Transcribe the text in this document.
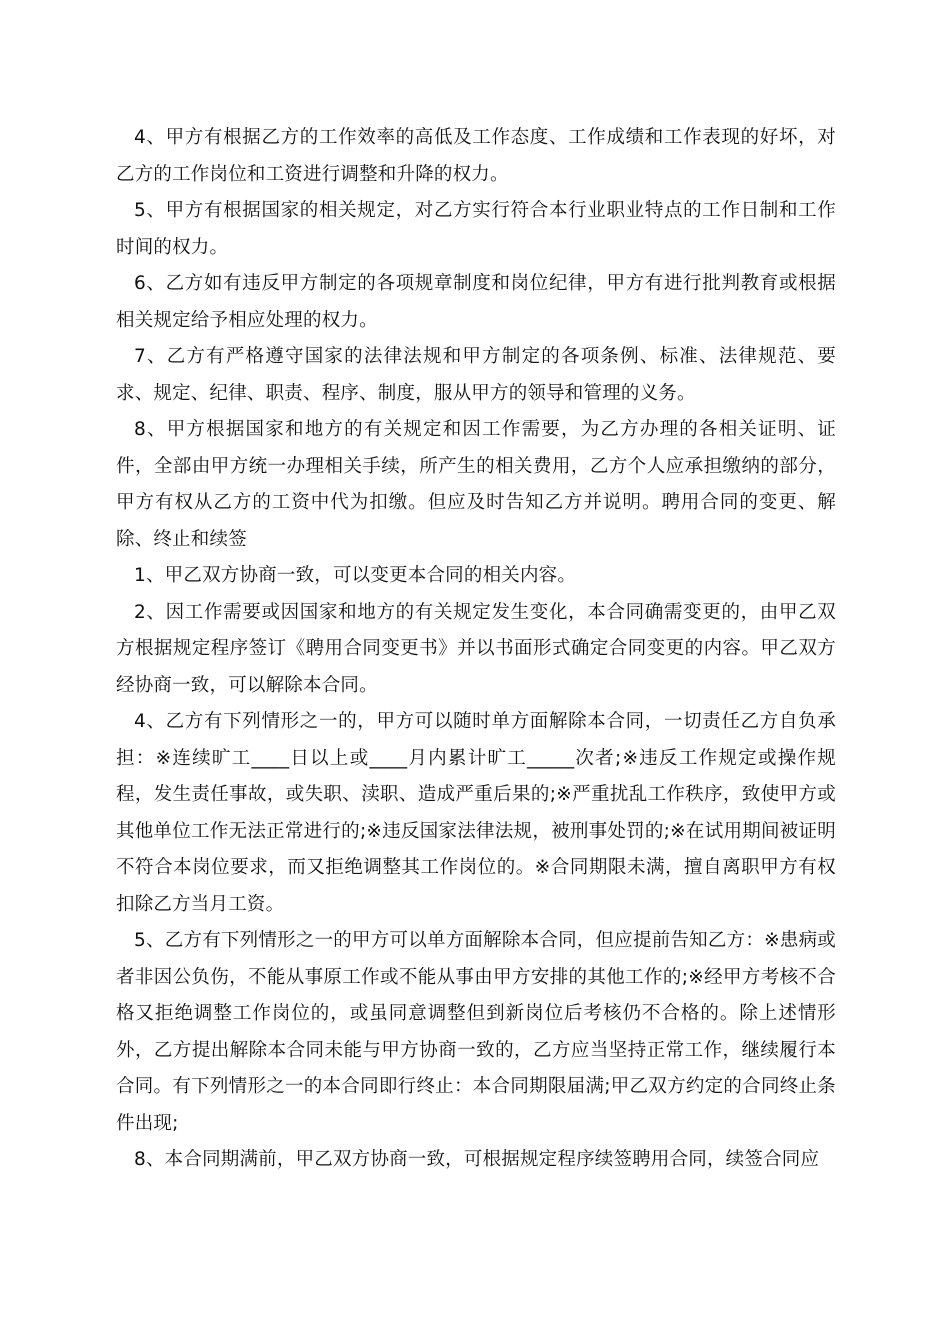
4、甲方有根据乙方的工作效率的高低及工作态度、工作成绩和工作表现的好坏，对乙方的工作岗位和工资进行调整和升降的权力。

5、甲方有根据国家的相关规定，对乙方实行符合本行业职业特点的工作日制和工作时间的权力。

6、乙方如有违反甲方制定的各项规章制度和岗位纪律，甲方有进行批判教育或根据相关规定给予相应处理的权力。

7、乙方有严格遵守国家的法律法规和甲方制定的各项条例、标准、法律规范、要求、规定、纪律、职责、程序、制度，服从甲方的领导和管理的义务。

8、甲方根据国家和地方的有关规定和因工作需要，为乙方办理的各相关证明、证件，全部由甲方统一办理相关手续，所产生的相关费用，乙方个人应承担缴纳的部分，甲方有权从乙方的工资中代为扣缴。但应及时告知乙方并说明。聘用合同的变更、解除、终止和续签

1、甲乙双方协商一致，可以变更本合同的相关内容。

2、因工作需要或因国家和地方的有关规定发生变化，本合同确需变更的，由甲乙双方根据规定程序签订《聘用合同变更书》并以书面形式确定合同变更的内容。甲乙双方经协商一致，可以解除本合同。

4、乙方有下列情形之一的，甲方可以随时单方面解除本合同，一切责任乙方自负承担：※连续旷工____日以上或____月内累计旷工_____次者;※违反工作规定或操作规程，发生责任事故，或失职、渎职、造成严重后果的;※严重扰乱工作秩序，致使甲方或其他单位工作无法正常进行的;※违反国家法律法规，被刑事处罚的;※在试用期间被证明不符合本岗位要求，而又拒绝调整其工作岗位的。※合同期限未满，擅自离职甲方有权扣除乙方当月工资。

5、乙方有下列情形之一的甲方可以单方面解除本合同，但应提前告知乙方：※患病或者非因公负伤，不能从事原工作或不能从事由甲方安排的其他工作的;※经甲方考核不合格又拒绝调整工作岗位的，或虽同意调整但到新岗位后考核仍不合格的。除上述情形外，乙方提出解除本合同未能与甲方协商一致的，乙方应当坚持正常工作，继续履行本合同。有下列情形之一的本合同即行终止：本合同期限届满;甲乙双方约定的合同终止条件出现;

8、本合同期满前，甲乙双方协商一致，可根据规定程序续签聘用合同，续签合同应
